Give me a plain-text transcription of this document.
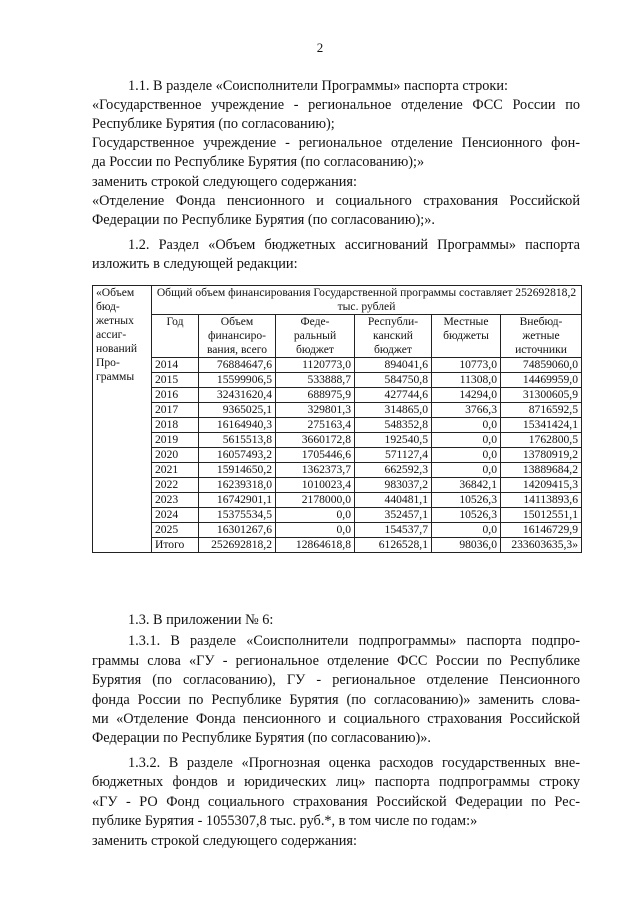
2
1.1. В разделе «Соисполнители Программы» паспорта строки:
«Государственное учреждение - региональное отделение ФСС России по
Республике Бурятия (по согласованию);
Государственное учреждение - региональное отделение Пенсионного фон-
да России по Республике Бурятия (по согласованию);»
заменить строкой следующего содержания:
«Отделение Фонда пенсионного и социального страхования Российской
Федерации по Республике Бурятия (по согласованию);».
1.2. Раздел «Объем бюджетных ассигнований Программы» паспорта
изложить в следующей редакции:
«Объем бюд- жетных ассиг- нований Про- граммы	Общий объем финансирования Государственной программы составляет 252692818,2 тыс. рублей					
	Год	Объем финансиро- вания, всего	Феде- ральный бюджет	Республи- канский бюджет	Местные бюджеты	Внебюд- жетные источники
	2014	76884647,6	1120773,0	894041,6	10773,0	74859060,0
	2015	15599906,5	533888,7	584750,8	11308,0	14469959,0
	2016	32431620,4	688975,9	427744,6	14294,0	31300605,9
	2017	9365025,1	329801,3	314865,0	3766,3	8716592,5
	2018	16164940,3	275163,4	548352,8	0,0	15341424,1
	2019	5615513,8	3660172,8	192540,5	0,0	1762800,5
	2020	16057493,2	1705446,6	571127,4	0,0	13780919,2
	2021	15914650,2	1362373,7	662592,3	0,0	13889684,2
	2022	16239318,0	1010023,4	983037,2	36842,1	14209415,3
	2023	16742901,1	2178000,0	440481,1	10526,3	14113893,6
	2024	15375534,5	0,0	352457,1	10526,3	15012551,1
	2025	16301267,6	0,0	154537,7	0,0	16146729,9
	Итого	252692818,2	12864618,8	6126528,1	98036,0	233603635,3»
1.3. В приложении № 6:
1.3.1. В разделе «Соисполнители подпрограммы» паспорта подпро-
граммы слова «ГУ - региональное отделение ФСС России по Республике
Бурятия (по согласованию), ГУ - региональное отделение Пенсионного
фонда России по Республике Бурятия (по согласованию)» заменить слова-
ми «Отделение Фонда пенсионного и социального страхования Российской
Федерации по Республике Бурятия (по согласованию)».
1.3.2. В разделе «Прогнозная оценка расходов государственных вне-
бюджетных фондов и юридических лиц» паспорта подпрограммы строку
«ГУ - РО Фонд социального страхования Российской Федерации по Рес-
публике Бурятия - 1055307,8 тыс. руб.*, в том числе по годам:»
заменить строкой следующего содержания:
